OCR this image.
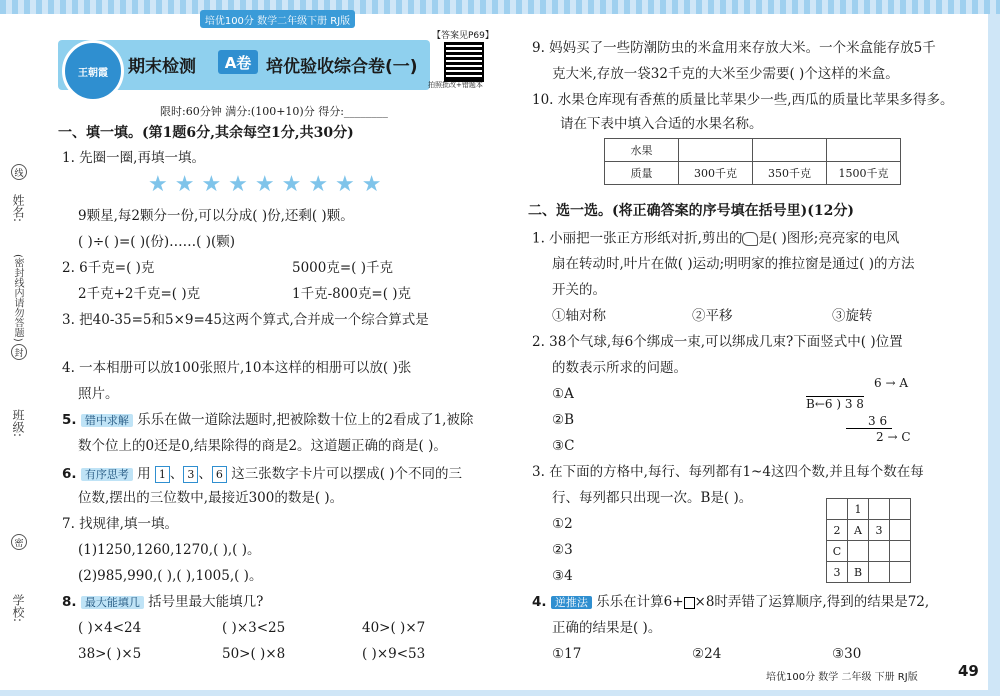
姓名:
(密封线内请勿答题)
班级:
学校:
线
封
密
培优100分 数学二年级下册 RJ版
王朝霞	期末检测	A卷 培优验收综合卷(一)
【答案见P69】
拍照批改+错题本
限时:60分钟 满分:(100+10)分 得分:________
一、填一填。(第1题6分,其余每空1分,共30分)
1. 先圈一圈,再填一填。
★★★★★★★★★
9颗星,每2颗分一份,可以分成( )份,还剩( )颗。
( )÷( )=( )(份)……( )(颗)
2. 6千克=( )克	5000克=( )千克
2千克+2千克=( )克	1千克-800克=( )克
3. 把40-35=5和5×9=45这两个算式,合并成一个综合算式是
4. 一本相册可以放100张照片,10本这样的相册可以放( )张
照片。
5. 错中求解 乐乐在做一道除法题时,把被除数十位上的2看成了1,被除
数个位上的0还是0,结果除得的商是2。这道题正确的商是( )。
6. 有序思考 用 1 、 3 、 6 这三张数字卡片可以摆成( )个不同的三
位数,摆出的三位数中,最接近300的数是( )。
7. 找规律,填一填。
(1)1250,1260,1270,( ),( )。
(2)985,990,( ),( ),1005,( )。
8. 最大能填几 括号里最大能填几?
( )×4<24	( )×3<25	40>( )×7
38>( )×5	50>( )×8	( )×9<53
9. 妈妈买了一些防潮防虫的米盒用来存放大米。一个米盒能存放5千
克大米,存放一袋32千克的大米至少需要( )个这样的米盒。
10. 水果仓库现有香蕉的质量比苹果少一些,西瓜的质量比苹果多得多。
请在下表中填入合适的水果名称。
水果			
质量	300千克	350千克	1500千克
二、选一选。(将正确答案的序号填在括号里)(12分)
1. 小丽把一张正方形纸对折,剪出的 是( )图形;亮亮家的电风
扇在转动时,叶片在做( )运动;明明家的推拉窗是通过( )的方法
开关的。
①轴对称	②平移	③旋转
2. 38个气球,每6个绑成一束,可以绑成几束?下面竖式中( )位置
的数表示所求的问题。
①A
②B
③C
6 → A
B←6 ) 3 8
3 6
2 → C
3. 在下面的方格中,每行、每列都有1~4这四个数,并且每个数在每
行、每列都只出现一次。B是( )。
①2
②3
③4
	1		
2	A	3	
C			
3	B		
4. 逆推法 乐乐在计算6+ ×8时弄错了运算顺序,得到的结果是72,
正确的结果是( )。
①17	②24	③30
培优100分 数学 二年级 下册 RJ版	49
